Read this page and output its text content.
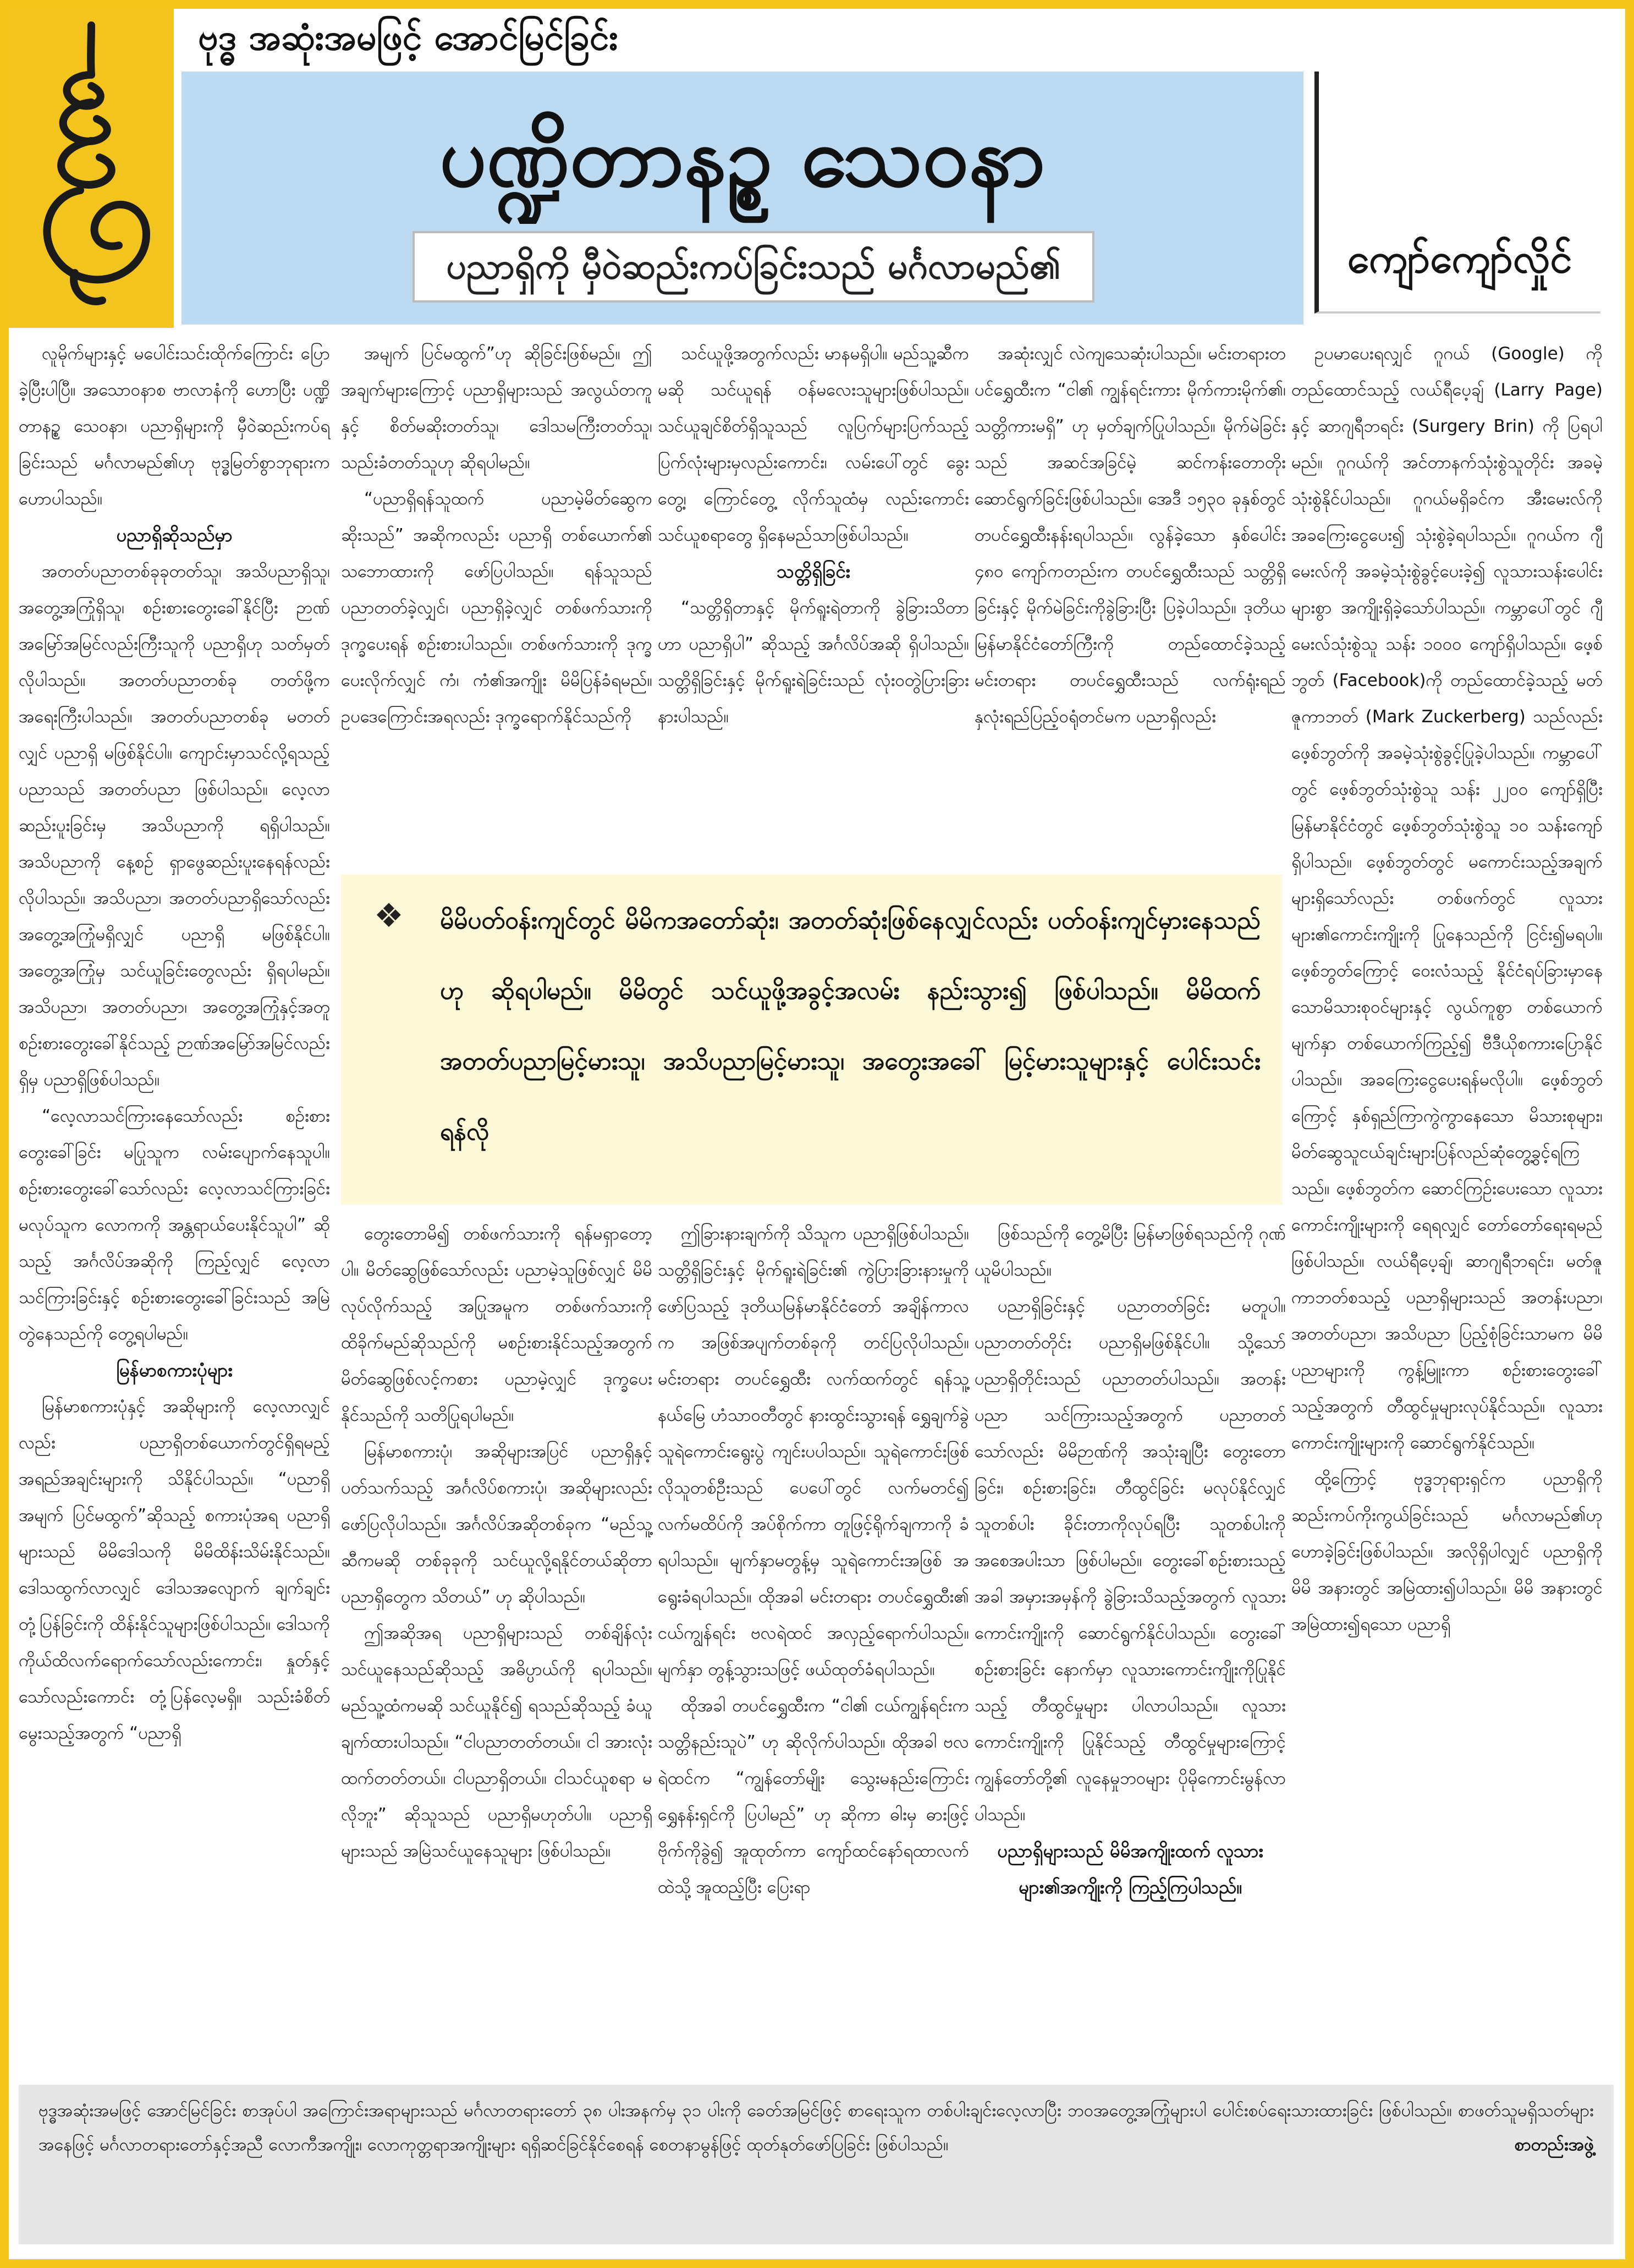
ဗုဒ္ဓ အဆုံးအမဖြင့် အောင်မြင်ခြင်း
ပဏ္ဍိတာနဥ္စ သေဝနာ
ပညာရှိကို မှီဝဲဆည်းကပ်ခြင်းသည် မင်္ဂလာမည်၏	ကျော်ကျော်လှိုင်

လူမိုက်များနှင့် မပေါင်းသင်းထိုက်ကြောင်း ပြောခဲ့ပြီးပါပြီ။ အသောဝနာစ ဗာလာနံကို ဟောပြီး ပဏ္ဍိတာနဥ္စ သေဝနာ၊ ပညာရှိများကို မှီဝဲဆည်းကပ်ရခြင်းသည် မင်္ဂလာမည်၏ဟု ဗုဒ္ဓမြတ်စွာဘုရားက ဟောပါသည်။

ပညာရှိဆိုသည်မှာ

အတတ်ပညာတစ်ခုခုတတ်သူ၊ အသိပညာရှိသူ၊ အတွေ့အကြုံရှိသူ၊ စဉ်းစားတွေးခေါ်နိုင်ပြီး ဉာဏ်အမြော်အမြင်လည်းကြီးသူကို ပညာရှိဟု သတ်မှတ်လိုပါသည်။ အတတ်ပညာတစ်ခု တတ်ဖို့က အရေးကြီးပါသည်။ အတတ်ပညာတစ်ခု မတတ်လျှင် ပညာရှိ မဖြစ်နိုင်ပါ။ ကျောင်းမှာသင်လို့ရသည့် ပညာသည် အတတ်ပညာ ဖြစ်ပါသည်။ လေ့လာဆည်းပူးခြင်းမှ အသိပညာကို ရရှိပါသည်။ အသိပညာကို နေ့စဉ် ရှာဖွေဆည်းပူးနေရန်လည်း လိုပါသည်။ အသိပညာ၊ အတတ်ပညာရှိသော်လည်း အတွေ့အကြုံမရှိလျှင် ပညာရှိ မဖြစ်နိုင်ပါ။ အတွေ့အကြုံမှ သင်ယူခြင်းတွေလည်း ရှိရပါမည်။ အသိပညာ၊ အတတ်ပညာ၊ အတွေ့အကြုံနှင့်အတူ စဉ်းစားတွေးခေါ်နိုင်သည့် ဉာဏ်အမြော်အမြင်လည်းရှိမှ ပညာရှိဖြစ်ပါသည်။

“လေ့လာသင်ကြားနေသော်လည်း စဉ်းစားတွေးခေါ်ခြင်း မပြုသူက လမ်းပျောက်နေသူပါ။ စဉ်းစားတွေးခေါ်သော်လည်း လေ့လာသင်ကြားခြင်း မလုပ်သူက လောကကို အန္တရာယ်ပေးနိုင်သူပါ” ဆိုသည့် အင်္ဂလိပ်အဆိုကို ကြည့်လျှင် လေ့လာသင်ကြားခြင်းနှင့် စဉ်းစားတွေးခေါ်ခြင်းသည် အမြဲတွဲနေသည်ကို တွေ့ရပါမည်။

မြန်မာစကားပုံများ

မြန်မာစကားပုံနှင့် အဆိုများကို လေ့လာလျှင်လည်း ပညာရှိတစ်ယောက်တွင်ရှိရမည့် အရည်အချင်းများကို သိနိုင်ပါသည်။ “ပညာရှိအမျက် ပြင်မထွက်”ဆိုသည့် စကားပုံအရ ပညာရှိများသည် မိမိဒေါသကို မိမိထိန်းသိမ်းနိုင်သည်။ ဒေါသထွက်လာလျှင် ဒေါသအလျောက် ချက်ချင်းတုံ့ပြန်ခြင်းကို ထိန်းနိုင်သူများဖြစ်ပါသည်။ ဒေါသကို ကိုယ်ထိလက်ရောက်သော်လည်းကောင်း၊ နှုတ်နှင့်သော်လည်းကောင်း တုံ့ပြန်လေ့မရှိ။ သည်းခံစိတ်မွေးသည့်အတွက် “ပညာရှိ

အမျက် ပြင်မထွက်”ဟု ဆိုခြင်းဖြစ်မည်။ ဤအချက်များကြောင့် ပညာရှိများသည် အလွယ်တကူနှင့် စိတ်မဆိုးတတ်သူ၊ ဒေါသမကြီးတတ်သူ၊ သည်းခံတတ်သူဟု ဆိုရပါမည်။

“ပညာရှိရန်သူထက် ပညာမဲ့မိတ်ဆွေက ဆိုးသည်” အဆိုကလည်း ပညာရှိ တစ်ယောက်၏ သဘောထားကို ဖော်ပြပါသည်။ ရန်သူသည် ပညာတတ်ခဲ့လျှင်၊ ပညာရှိခဲ့လျှင် တစ်ဖက်သားကို ဒုက္ခပေးရန် စဉ်းစားပါသည်။ တစ်ဖက်သားကို ဒုက္ခပေးလိုက်လျှင် ကံ၊ ကံ၏အကျိုး မိမိပြန်ခံရမည်။ ဥပဒေကြောင်းအရလည်း ဒုက္ခရောက်နိုင်သည်ကို

သင်ယူဖို့အတွက်လည်း မာနမရှိပါ။ မည်သူ့ဆီကမဆို သင်ယူရန် ဝန်မလေးသူများဖြစ်ပါသည်။ သင်ယူချင်စိတ်ရှိသူသည် လူပြက်များပြက်သည့် ပြက်လုံးများမှလည်းကောင်း၊ လမ်းပေါ်တွင် ခွေးတွေ့၊ ကြောင်တွေ့ လိုက်သူထံမှ လည်းကောင်း သင်ယူစရာတွေ ရှိနေမည်သာဖြစ်ပါသည်။

သတ္တိရှိခြင်း

“သတ္တိရှိတာနှင့် မိုက်ရူးရဲတာကို ခွဲခြားသိတာဟာ ပညာရှိပါ” ဆိုသည့် အင်္ဂလိပ်အဆို ရှိပါသည်။ သတ္တိရှိခြင်းနှင့် မိုက်ရူးရဲခြင်းသည် လုံးဝတွဲပြားခြားနားပါသည်။

အဆုံးလျှင် လဲကျသေဆုံးပါသည်။ မင်းတရားတပင်ရွှေထီးက “ငါ၏ ကျွန်ရင်းကား မိုက်ကားမိုက်၏၊ သတ္တိကားမရှိ” ဟု မှတ်ချက်ပြုပါသည်။ မိုက်မဲခြင်းသည် အဆင်အခြင်မဲ့ ဆင်ကန်းတောတိုး ဆောင်ရွက်ခြင်းဖြစ်ပါသည်။ အေဒီ ၁၅၃၀ ခုနှစ်တွင် တပင်ရွှေထီးနန်းရပါသည်။ လွန်ခဲ့သော နှစ်ပေါင်း ၄၈၀ ကျော်ကတည်းက တပင်ရွှေထီးသည် သတ္တိရှိခြင်းနှင့် မိုက်မဲခြင်းကိုခွဲခြားပြီး ပြခဲ့ပါသည်။ ဒုတိယ မြန်မာနိုင်ငံတော်ကြီးကို တည်ထောင်ခဲ့သည့် မင်းတရား တပင်ရွှေထီးသည် လက်ရုံးရည် နှလုံးရည်ပြည့်ဝရုံတင်မက ပညာရှိလည်း

ဥပမာပေးရလျှင် ဂူဂယ် (Google) ကို တည်ထောင်သည့် လယ်ရီပေ့ချ် (Larry Page) နှင့် ဆာဂျရီဘရင်း (Surgery Brin) ကို ပြရပါမည်။ ဂူဂယ်ကို အင်တာနက်သုံးစွဲသူတိုင်း အခမဲ့သုံးစွဲနိုင်ပါသည်။ ဂူဂယ်မရှိခင်က အီးမေးလ်ကို အခကြေးငွေပေး၍ သုံးစွဲခဲ့ရပါသည်။ ဂူဂယ်က ဂျီမေးလ်ကို အခမဲ့သုံးစွဲခွင့်ပေးခဲ့၍ လူသားသန်းပေါင်းများစွာ အကျိုးရှိခဲ့သော်ပါသည်။ ကမ္ဘာပေါ်တွင် ဂျီမေးလ်သုံးစွဲသူ သန်း ၁၀၀၀ ကျော်ရှိပါသည်။ ဖေ့စ်ဘွတ် (Facebook)ကို တည်ထောင်ခဲ့သည့် မတ်ဇူကာဘတ် (Mark Zuckerberg) သည်လည်း ဖေ့စ်ဘွတ်ကို အခမဲ့သုံးစွဲခွင့်ပြုခဲ့ပါသည်။ ကမ္ဘာပေါ်တွင် ဖေ့စ်ဘွတ်သုံးစွဲသူ သန်း ၂၂၀၀ ကျော်ရှိပြီး မြန်မာနိုင်ငံတွင် ဖေ့စ်ဘွတ်သုံးစွဲသူ ၁၀ သန်းကျော် ရှိပါသည်။ ဖေ့စ်ဘွတ်တွင် မကောင်းသည့်အချက်များရှိသော်လည်း တစ်ဖက်တွင် လူသားများ၏ကောင်းကျိုးကို ပြုနေသည်ကို ငြင်း၍မရပါ။ ဖေ့စ်ဘွတ်ကြောင့် ဝေးလံသည့် နိုင်ငံရပ်ခြားမှာနေသောမိသားစုဝင်များနှင့် လွယ်ကူစွာ တစ်ယောက်မျက်နှာ တစ်ယောက်ကြည့်၍ ဗီဒီယိုစကားပြောနိုင်ပါသည်။ အခကြေးငွေပေးရန်မလိုပါ။ ဖေ့စ်ဘွတ်ကြောင့် နှစ်ရှည်ကြာကွဲကွာနေသော မိသားစုများ၊ မိတ်ဆွေသူငယ်ချင်းများပြန်လည်ဆုံတွေ့ခွင့်ရကြသည်။ ဖေ့စ်ဘွတ်က ဆောင်ကြဉ်းပေးသော လူသားကောင်းကျိုးများကို ရေရလျှင် တော်တော်ရေးရမည် ဖြစ်ပါသည်။ လယ်ရီပေ့ချ်၊ ဆာဂျရီဘရင်း၊ မတ်ဇူကာဘတ်စသည့် ပညာရှိများသည် အတန်းပညာ၊ အတတ်ပညာ၊ အသိပညာ ပြည့်စုံခြင်းသာမက မိမိပညာများကို ကွန့်မြူးကာ စဉ်းစားတွေးခေါ်သည့်အတွက် တီထွင်မှုများလုပ်နိုင်သည်။ လူသားကောင်းကျိုးများကို ဆောင်ရွက်နိုင်သည်။

ထို့ကြောင့် ဗုဒ္ဓဘုရားရှင်က ပညာရှိကို ဆည်းကပ်ကိုးကွယ်ခြင်းသည် မင်္ဂလာမည်၏ဟု ဟောခဲ့ခြင်းဖြစ်ပါသည်။ အလိုရှိပါလျှင် ပညာရှိကို မိမိ အနားတွင် အမြဲထား၍ပါသည်။ မိမိ အနားတွင် အမြဲထား၍ရသော ပညာရှိ

❖ မိမိပတ်ဝန်းကျင်တွင် မိမိကအတော်ဆုံး၊ အတတ်ဆုံးဖြစ်နေလျှင်လည်း ပတ်ဝန်းကျင်မှားနေသည်ဟု ဆိုရပါမည်။ မိမိတွင် သင်ယူဖို့အခွင့်အလမ်း နည်းသွား၍ ဖြစ်ပါသည်။ မိမိထက် အတတ်ပညာမြင့်မားသူ၊ အသိပညာမြင့်မားသူ၊ အတွေးအခေါ် မြင့်မားသူများနှင့် ပေါင်းသင်းရန်လို

တွေးတောမိ၍ တစ်ဖက်သားကို ရန်မရှာတော့ပါ။ မိတ်ဆွေဖြစ်သော်လည်း ပညာမဲ့သူဖြစ်လျှင် မိမိလုပ်လိုက်သည့် အပြုအမူက တစ်ဖက်သားကို ထိခိုက်မည်ဆိုသည်ကို မစဉ်းစားနိုင်သည့်အတွက် မိတ်ဆွေဖြစ်လင့်ကစား ပညာမဲ့လျှင် ဒုက္ခပေးနိုင်သည်ကို သတိပြုရပါမည်။

မြန်မာစကားပုံ၊ အဆိုများအပြင် ပညာရှိနှင့် ပတ်သက်သည့် အင်္ဂလိပ်စကားပုံ၊ အဆိုများလည်း ဖော်ပြလိုပါသည်။ အင်္ဂလိပ်အဆိုတစ်ခုက “မည်သူ့ဆီကမဆို တစ်ခုခုကို သင်ယူလို့ရနိုင်တယ်ဆိုတာ ပညာရှိတွေက သိတယ်” ဟု ဆိုပါသည်။

ဤအဆိုအရ ပညာရှိများသည် တစ်ချိန်လုံး သင်ယူနေသည်ဆိုသည့် အဓိပ္ပာယ်ကို ရပါသည်။ မည်သူ့ထံကမဆို သင်ယူနိုင်၍ ရသည်ဆိုသည့် ခံယူချက်ထားပါသည်။ “ငါပညာတတ်တယ်။ ငါ အားလုံးထက်တတ်တယ်။ ငါပညာရှိတယ်။ ငါသင်ယူစရာ မလိုဘူး” ဆိုသူသည် ပညာရှိမဟုတ်ပါ။ ပညာရှိများသည် အမြဲသင်ယူနေသူများ ဖြစ်ပါသည်။

ဤခြားနားချက်ကို သိသူက ပညာရှိဖြစ်ပါသည်။ သတ္တိရှိခြင်းနှင့် မိုက်ရူးရဲခြင်း၏ ကွဲပြားခြားနားမှုကို ဖော်ပြသည့် ဒုတိယမြန်မာနိုင်ငံတော် အချိန်ကာလက အဖြစ်အပျက်တစ်ခုကို တင်ပြလိုပါသည်။ မင်းတရား တပင်ရွှေထီး လက်ထက်တွင် ရန်သူ့နယ်မြေ ဟံသာဝတီတွင် နားထွင်းသွားရန် ရွှေချက်ခွဲ သူရဲကောင်းရွေးပွဲ ကျင်းပပါသည်။ သူရဲကောင်းဖြစ်လိုသူတစ်ဦးသည် ပေပေါ်တွင် လက်မတင်၍ လက်မထိပ်ကို အပ်စိုက်ကာ တူဖြင့်ရိုက်ချကာကို ခံရပါသည်။ မျက်နှာမတွန့်မှ သူရဲကောင်းအဖြစ် အရွေးခံရပါသည်။ ထိုအခါ မင်းတရား တပင်ရွှေထီး၏ ငယ်ကျွန်ရင်း ဗလရဲထင် အလှည့်ရောက်ပါသည်။ မျက်နှာ တွန့်သွားသဖြင့် ဖယ်ထုတ်ခံရပါသည်။

ထိုအခါ တပင်ရွှေထီးက “ငါ၏ ငယ်ကျွန်ရင်းက သတ္တိနည်းသူပဲ” ဟု ဆိုလိုက်ပါသည်။ ထိုအခါ ဗလရဲထင်က “ကျွန်တော်မျိုး သွေးမနည်းကြောင်း ရွှေနန်းရှင်ကို ပြပါမည်” ဟု ဆိုကာ ဓါးမှ ဓားဖြင့်ဗိုက်ကိုခွဲ၍ အူထုတ်ကာ ကျော်ထင်နော်ရထာလက်ထဲသို့ အူထည့်ပြီး ပြေးရာ

ဖြစ်သည်ကို တွေ့မိပြီး မြန်မာဖြစ်ရသည်ကို ဂုဏ်ယူမိပါသည်။

ပညာရှိခြင်းနှင့် ပညာတတ်ခြင်း မတူပါ။ ပညာတတ်တိုင်း ပညာရှိမဖြစ်နိုင်ပါ။ သို့သော် ပညာရှိတိုင်းသည် ပညာတတ်ပါသည်။ အတန်းပညာ သင်ကြားသည့်အတွက် ပညာတတ်သော်လည်း မိမိဉာဏ်ကို အသုံးချပြီး တွေးတောခြင်း၊ စဉ်းစားခြင်း၊ တီထွင်ခြင်း မလုပ်နိုင်လျှင် သူတစ်ပါး ခိုင်းတာကိုလုပ်ရပြီး သူတစ်ပါးကို အစေအပါးသာ ဖြစ်ပါမည်။ တွေးခေါ်စဉ်းစားသည့်အခါ အမှားအမှန်ကို ခွဲခြားသိသည့်အတွက် လူသားကောင်းကျိုးကို ဆောင်ရွက်နိုင်ပါသည်။ တွေးခေါ်စဉ်းစားခြင်း နောက်မှာ လူသားကောင်းကျိုးကိုပြုနိုင်သည့် တီထွင်မှုများ ပါလာပါသည်။ လူသားကောင်းကျိုးကို ပြုနိုင်သည့် တီထွင်မှုများကြောင့် ကျွန်တော်တို့၏ လူနေမှုဘဝများ ပိုမိုကောင်းမွန်လာပါသည်။

ပညာရှိများသည် မိမိအကျိုးထက် လူသားများ၏အကျိုးကို ကြည့်ကြပါသည်။
ဗုဒ္ဓအဆုံးအမဖြင့် အောင်မြင်ခြင်း စာအုပ်ပါ အကြောင်းအရာများသည် မင်္ဂလာတရားတော် ၃၈ ပါးအနက်မှ ၃၁ ပါးကို ခေတ်အမြင်ဖြင့် စာရေးသူက တစ်ပါးချင်းလေ့လာပြီး ဘဝအတွေ့အကြုံများပါ ပေါင်းစပ်ရေးသားထားခြင်း ဖြစ်ပါသည်။ စာဖတ်သူမရှိသတ်များအနေဖြင့် မင်္ဂလာတရားတော်နှင့်အညီ လောကီအကျိုး၊ လောကုတ္တရာအကျိုးများ ရရှိဆင်ခြင်နိုင်စေရန် စေတနာမွန်ဖြင့် ထုတ်နုတ်ဖော်ပြခြင်း ဖြစ်ပါသည်။	စာတည်းအဖွဲ့
